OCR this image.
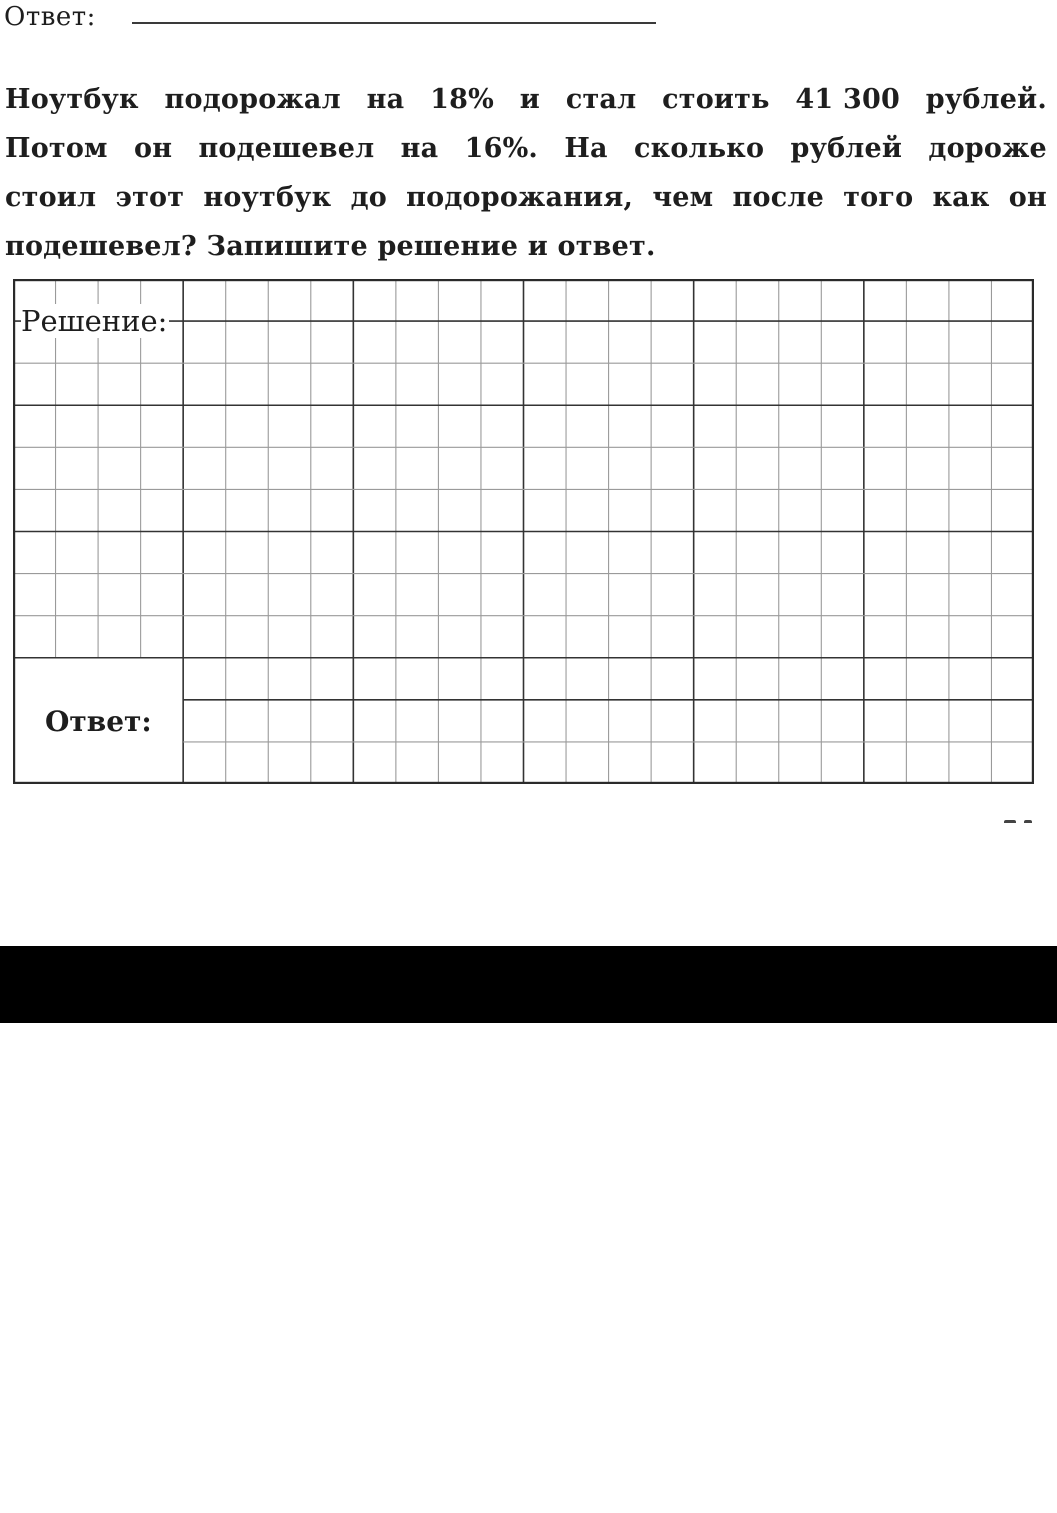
Ответ:
Ноутбук подорожал на 18% и стал стоить 41 300 рублей.
Потом он подешевел на 16%. На сколько рублей дороже
стоил этот ноутбук до подорожания, чем после того как он
подешевел?
Запишите
решение
и
ответ.
Решение:
Ответ:
